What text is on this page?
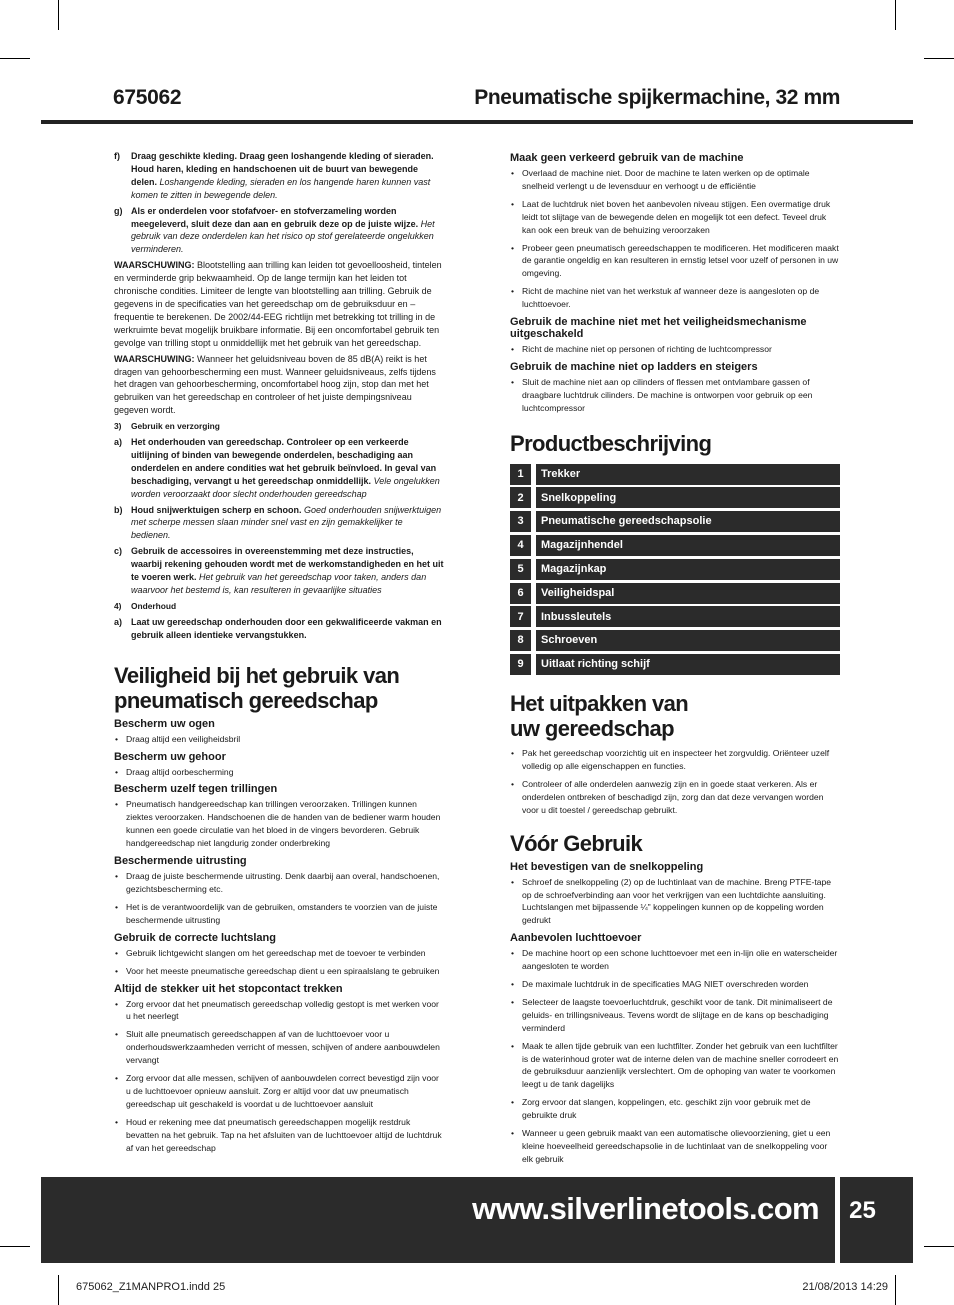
675062	Pneumatische spijkermachine, 32 mm
f)	Draag geschikte kleding. Draag geen loshangende kleding of sieraden. Houd haren, kleding en handschoenen uit de buurt van bewegende delen. Loshangende kleding, sieraden en los hangende haren kunnen vast komen te zitten in bewegende delen.
g) Als er onderdelen voor stofafvoer- en stofverzameling worden meegeleverd, sluit deze dan aan en gebruik deze op de juiste wijze. Het gebruik van deze onderdelen kan het risico op stof gerelateerde ongelukken verminderen.

WAARSCHUWING: Blootstelling aan trilling kan leiden tot gevoelloosheid, tintelen en verminderde grip bekwaamheid. Op de lange termijn kan het leiden tot chronische condities. Limiteer de lengte van blootstelling aan trilling. Gebruik de gegevens in de specificaties van het gereedschap om de gebruiksduur en –frequentie te berekenen. De 2002/44-EEG richtlijn met betrekking tot trilling in de werkruimte bevat mogelijk bruikbare informatie. Bij een oncomfortabel gebruik ten gevolge van trilling stopt u onmiddellijk met het gebruik van het gereedschap.

WAARSCHUWING: Wanneer het geluidsniveau boven de 85 dB(A) reikt is het dragen van gehoorbescherming een must. Wanneer geluidsniveaus, zelfs tijdens het dragen van gehoorbescherming, oncomfortabel hoog zijn, stop dan met het gebruiken van het gereedschap en controleer of het juiste dempingsniveau gegeven wordt.

3) Gebruik en verzorging
a) Het onderhouden van gereedschap. Controleer op een verkeerde uitlijning of binden van bewegende onderdelen, beschadiging aan onderdelen en andere condities wat het gebruik beïnvloed. In geval van beschadiging, vervangt u het gereedschap onmiddellijk. Vele ongelukken worden veroorzaakt door slecht onderhouden gereedschap
b) Houd snijwerktuigen scherp en schoon. Goed onderhouden snijwerktuigen met scherpe messen slaan minder snel vast en zijn gemakkelijker te bedienen.
c) Gebruik de accessoires in overeenstemming met deze instructies, waarbij rekening gehouden wordt met de werkomstandigheden en het uit te voeren werk. Het gebruik van het gereedschap voor taken, anders dan waarvoor het bestemd is, kan resulteren in gevaarlijke situaties
4) Onderhoud
a) Laat uw gereedschap onderhouden door een gekwalificeerde vakman en gebruik alleen identieke vervangstukken.
Veiligheid bij het gebruik van pneumatisch gereedschap
Bescherm uw ogen
• Draag altijd een veiligheidsbril
Bescherm uw gehoor
• Draag altijd oorbescherming
Bescherm uzelf tegen trillingen
• Pneumatisch handgereedschap kan trillingen veroorzaken. Trillingen kunnen ziektes veroorzaken. Handschoenen die de handen van de bediener warm houden kunnen een goede circulatie van het bloed in de vingers bevorderen. Gebruik handgereedschap niet langdurig zonder onderbreking
Beschermende uitrusting
• Draag de juiste beschermende uitrusting. Denk daarbij aan overal, handschoenen, gezichtsbescherming etc.
• Het is de verantwoordelijk van de gebruiken, omstanders te voorzien van de juiste beschermende uitrusting
Gebruik de correcte luchtslang
• Gebruik lichtgewicht slangen om het gereedschap met de toevoer te verbinden
• Voor het meeste pneumatische gereedschap dient u een spiraalslang te gebruiken
Altijd de stekker uit het stopcontact trekken
• Zorg ervoor dat het pneumatisch gereedschap volledig gestopt is met werken voor u het neerlegt
• Sluit alle pneumatisch gereedschappen af van de luchttoevoer voor u onderhoudswerkzaamheden verricht of messen, schijven of andere aanbouwdelen vervangt
• Zorg ervoor dat alle messen, schijven of aanbouwdelen correct bevestigd zijn voor u de luchttoevoer opnieuw aansluit. Zorg er altijd voor dat uw pneumatisch gereedschap uit geschakeld is voordat u de luchttoevoer aansluit
• Houd er rekening mee dat pneumatisch gereedschappen mogelijk restdruk bevatten na het gebruik. Tap na het afsluiten van de luchttoevoer altijd de luchtdruk af van het gereedschap
Maak geen verkeerd gebruik van de machine
• Overlaad de machine niet. Door de machine te laten werken op de optimale snelheid verlengt u de levensduur en verhoogt u de efficiëntie
• Laat de luchtdruk niet boven het aanbevolen niveau stijgen. Een overmatige druk leidt tot slijtage van de bewegende delen en mogelijk tot een defect. Teveel druk kan ook een breuk van de behuizing veroorzaken
• Probeer geen pneumatisch gereedschappen te modificeren. Het modificeren maakt de garantie ongeldig en kan resulteren in ernstig letsel voor uzelf of personen in uw omgeving.
• Richt de machine niet van het werkstuk af wanneer deze is aangesloten op de luchttoevoer.
Gebruik de machine niet met het veiligheidsmechanisme uitgeschakeld
• Richt de machine niet op personen of richting de luchtcompressor
Gebruik de machine niet op ladders en steigers
• Sluit de machine niet aan op cilinders of flessen met ontvlambare gassen of draagbare luchtdruk cilinders. De machine is ontworpen voor gebruik op een luchtcompressor
Productbeschrijving
1	Trekker
2	Snelkoppeling
3	Pneumatische gereedschapsolie
4	Magazijnhendel
5	Magazijnkap
6	Veiligheidspal
7	Inbussleutels
8	Schroeven
9	Uitlaat richting schijf
Het uitpakken van
uw gereedschap
• Pak het gereedschap voorzichtig uit en inspecteer het zorgvuldig. Oriënteer uzelf volledig op alle eigenschappen en functies.
• Controleer of alle onderdelen aanwezig zijn en in goede staat verkeren. Als er onderdelen ontbreken of beschadigd zijn, zorg dan dat deze vervangen worden voor u dit toestel / gereedschap gebruikt.
Vóór Gebruik
Het bevestigen van de snelkoppeling
• Schroef de snelkoppeling (2) op de luchtinlaat van de machine. Breng PTFE-tape op de schroefverbinding aan voor het verkrijgen van een luchtdichte aansluiting. Luchtslangen met bijpassende ¼" koppelingen kunnen op de koppeling worden gedrukt
Aanbevolen luchttoevoer
• De machine hoort op een schone luchttoevoer met een in-lijn olie en waterscheider aangesloten te worden
• De maximale luchtdruk in de specificaties MAG NIET overschreden worden
• Selecteer de laagste toevoerluchtdruk, geschikt voor de tank. Dit minimaliseert de geluids- en trillingsniveaus. Tevens wordt de slijtage en de kans op beschadiging verminderd
• Maak te allen tijde gebruik van een luchtfilter. Zonder het gebruik van een luchtfilter is de waterinhoud groter wat de interne delen van de machine sneller corrodeert en de gebruiksduur aanzienlijk verslechtert. Om de ophoping van water te voorkomen leegt u de tank dagelijks
• Zorg ervoor dat slangen, koppelingen, etc. geschikt zijn voor gebruik met de gebruikte druk
• Wanneer u geen gebruik maakt van een automatische olievoorziening, giet u een kleine hoeveelheid gereedschapsolie in de luchtinlaat van de snelkoppeling voor elk gebruik
www.silverlinetools.com	25
675062_Z1MANPRO1.indd 25	21/08/2013 14:29
